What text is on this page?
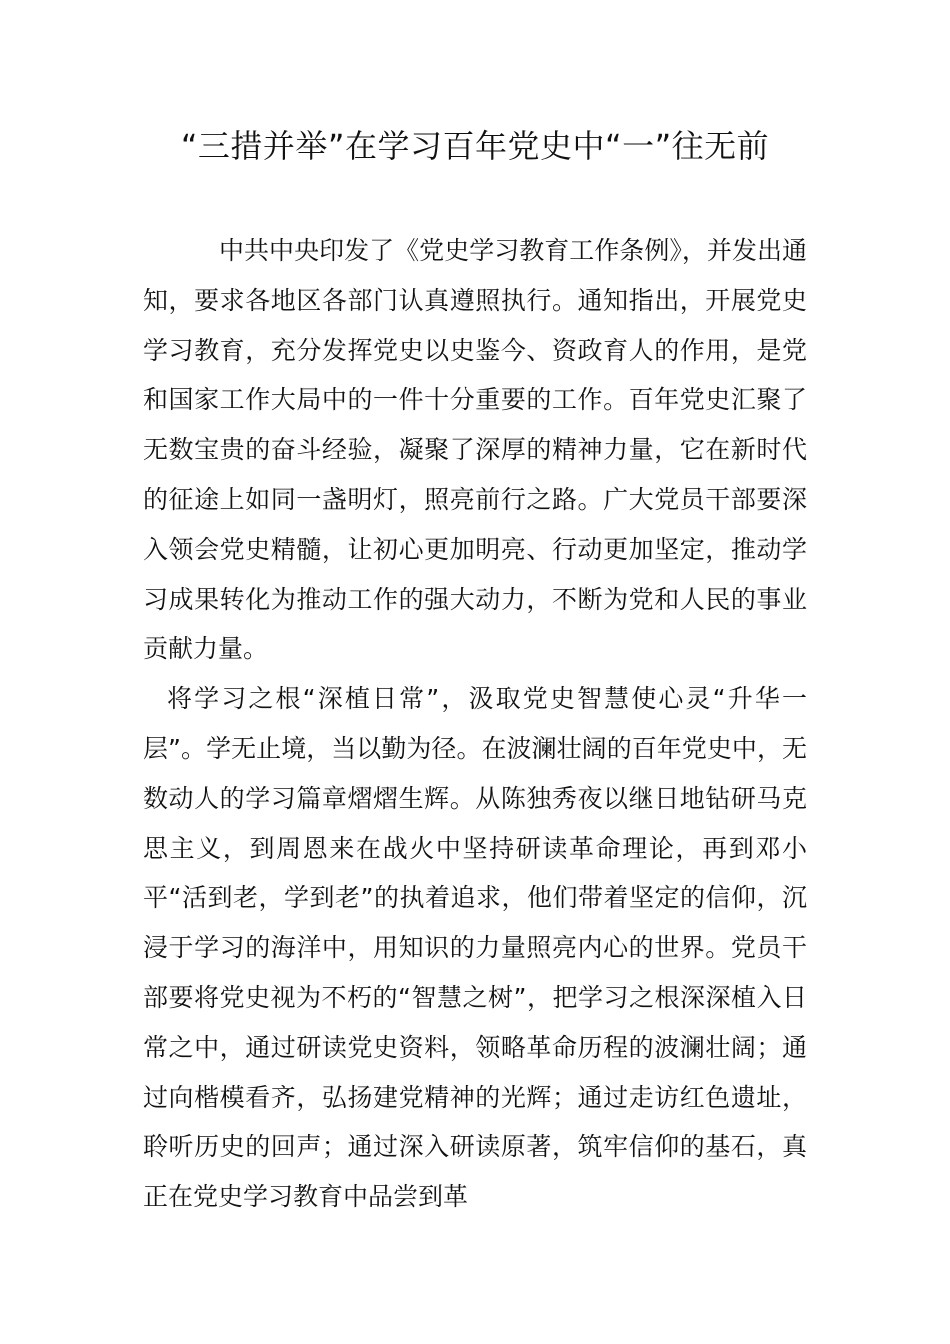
“三措并举”在学习百年党史中“一”往无前

中共中央印发了《党史学习教育工作条例》，并发出通知，要求各地区各部门认真遵照执行。通知指出，开展党史学习教育，充分发挥党史以史鉴今、资政育人的作用，是党和国家工作大局中的一件十分重要的工作。百年党史汇聚了无数宝贵的奋斗经验，凝聚了深厚的精神力量，它在新时代的征途上如同一盏明灯，照亮前行之路。广大党员干部要深入领会党史精髓，让初心更加明亮、行动更加坚定，推动学习成果转化为推动工作的强大动力，不断为党和人民的事业贡献力量。

将学习之根“深植日常”，汲取党史智慧使心灵“升华一层”。学无止境，当以勤为径。在波澜壮阔的百年党史中，无数动人的学习篇章熠熠生辉。从陈独秀夜以继日地钻研马克思主义，到周恩来在战火中坚持研读革命理论，再到邓小平“活到老，学到老”的执着追求，他们带着坚定的信仰，沉浸于学习的海洋中，用知识的力量照亮内心的世界。党员干部要将党史视为不朽的“智慧之树”，把学习之根深深植入日常之中，通过研读党史资料，领略革命历程的波澜壮阔；通过向楷模看齐，弘扬建党精神的光辉；通过走访红色遗址，聆听历史的回声；通过深入研读原著，筑牢信仰的基石，真正在党史学习教育中品尝到革
